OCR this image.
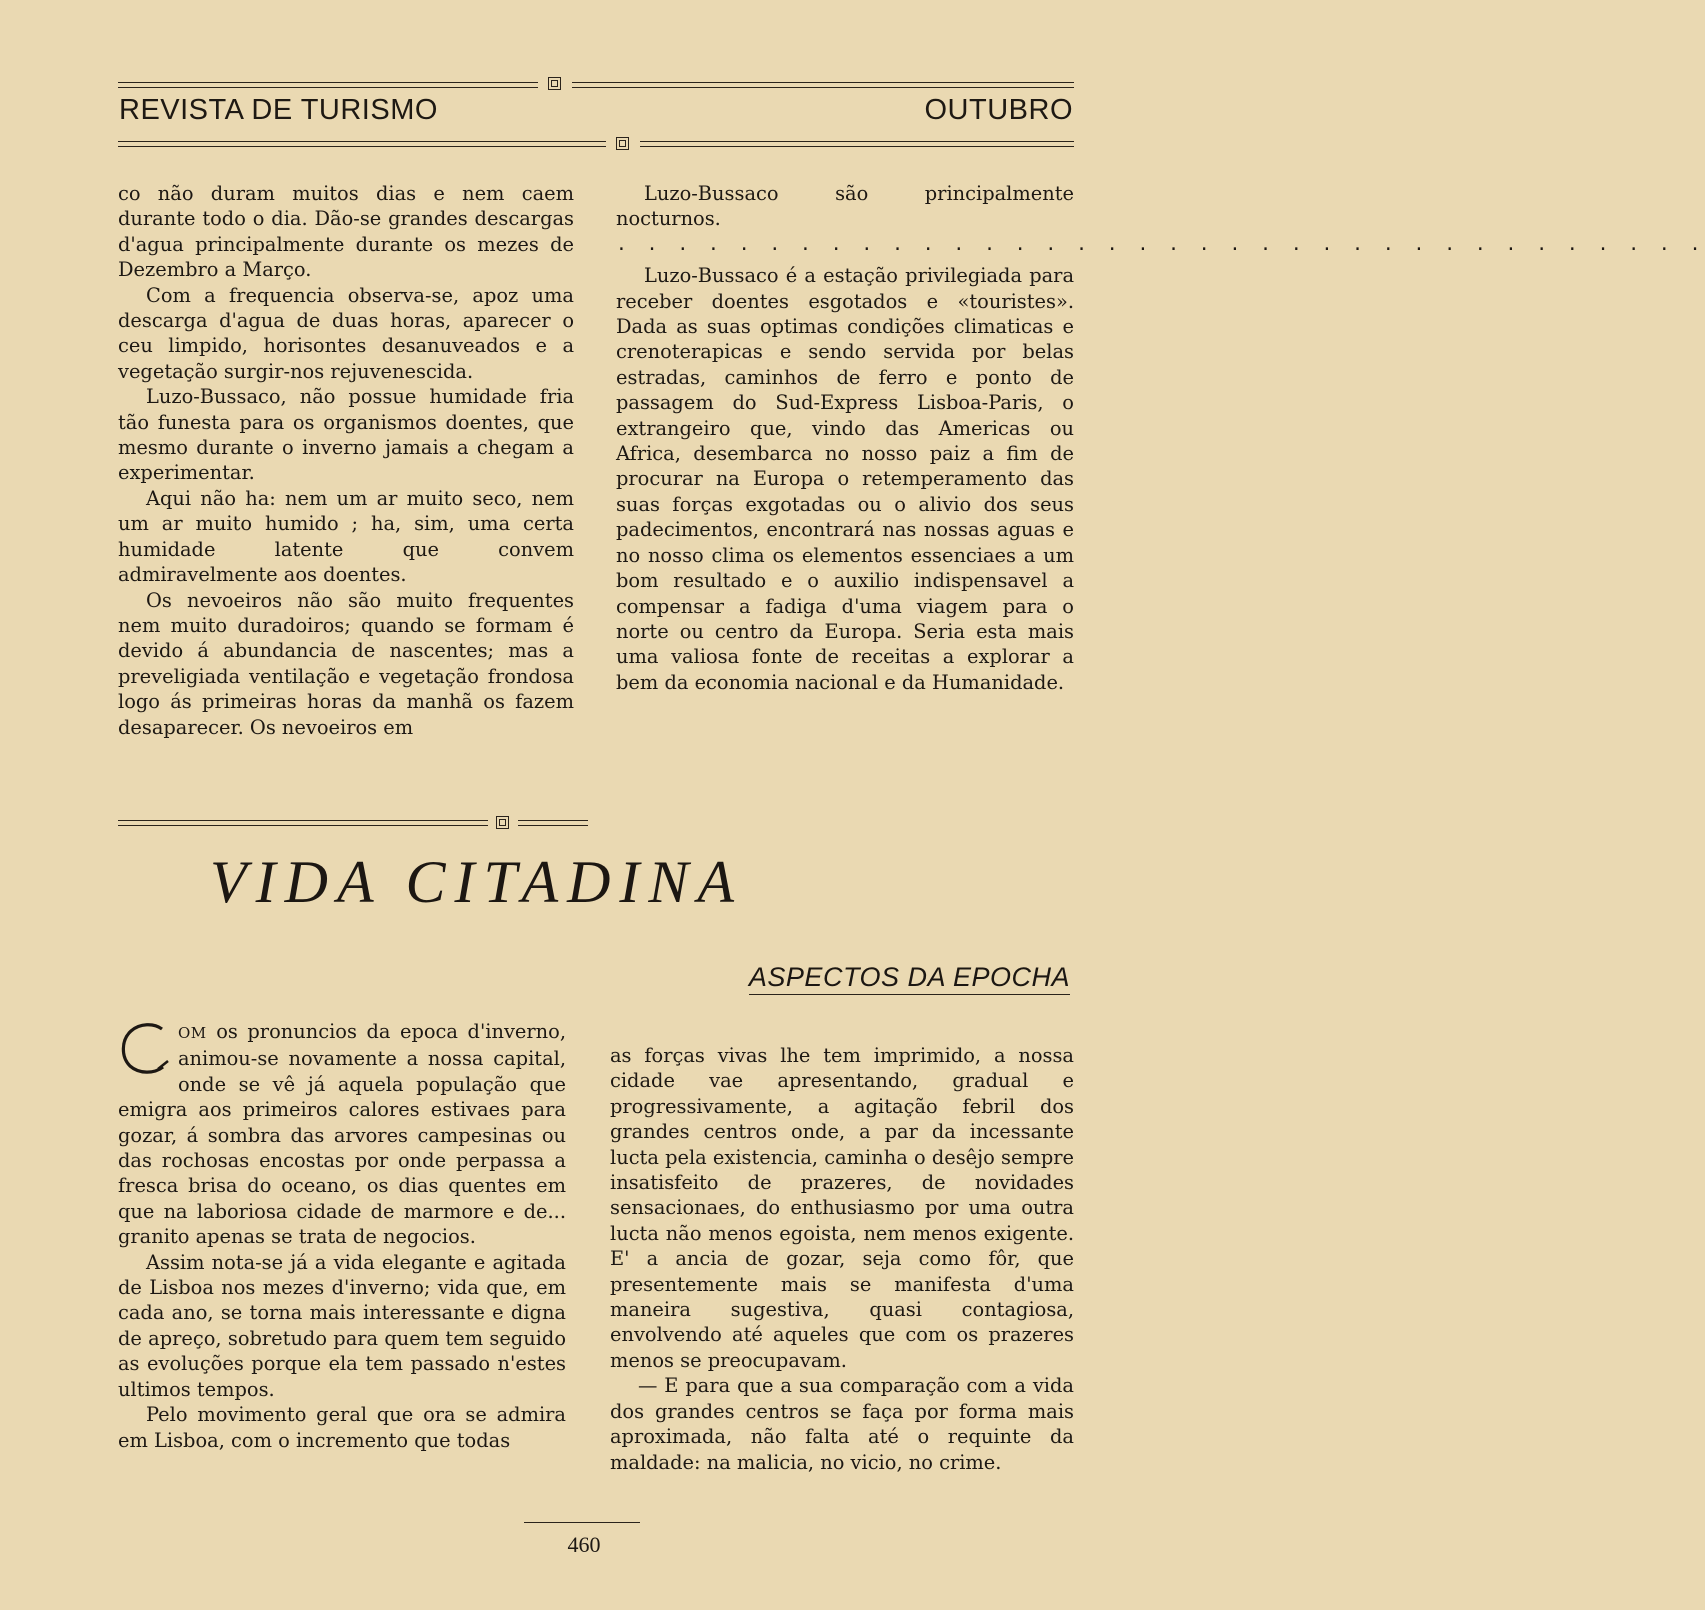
REVISTA DE TURISMO	OUTUBRO

co não duram muitos dias e nem caem durante todo o dia. Dão-se grandes descargas d'agua principalmente durante os mezes de Dezembro a Março.

Com a frequencia observa-se, apoz uma descarga d'agua de duas horas, aparecer o ceu limpido, horisontes desanuveados e a vegetação surgir-nos rejuvenescida.

Luzo-Bussaco, não possue humidade fria tão funesta para os organismos doentes, que mesmo durante o inverno jamais a chegam a experimentar.

Aqui não ha: nem um ar muito seco, nem um ar muito humido ; ha, sim, uma certa humidade latente que convem admiravelmente aos doentes.

Os nevoeiros não são muito frequentes nem muito duradoiros; quando se formam é devido á abundancia de nascentes; mas a preveligiada ventilação e vegetação frondosa logo ás primeiras horas da manhã os fazem desaparecer. Os nevoeiros em

Luzo-Bussaco são principalmente nocturnos.

. . . . . . . . . . . . . . . . . . . . . . . . . . . . . . . . . . . .

Luzo-Bussaco é a estação privilegiada para receber doentes esgotados e «touristes». Dada as suas optimas condições climaticas e crenoterapicas e sendo servida por belas estradas, caminhos de ferro e ponto de passagem do Sud-Express Lisboa-Paris, o extrangeiro que, vindo das Americas ou Africa, desembarca no nosso paiz a fim de procurar na Europa o retemperamento das suas forças exgotadas ou o alivio dos seus padecimentos, encontrará nas nossas aguas e no nosso clima os elementos essenciaes a um bom resultado e o auxilio indispensavel a compensar a fadiga d'uma viagem para o norte ou centro da Europa. Seria esta mais uma valiosa fonte de receitas a explorar a bem da economia nacional e da Humanidade.

VIDA CITADINA
ASPECTOS DA EPOCHA

OM os pronuncios da epoca d'inverno, animou-se novamente a nossa capital, onde se vê já aquela população que emigra aos primeiros calores estivaes para gozar, á sombra das arvores campesinas ou das rochosas encostas por onde perpassa a fresca brisa do oceano, os dias quentes em que na laboriosa cidade de marmore e de... granito apenas se trata de negocios.

Assim nota-se já a vida elegante e agitada de Lisboa nos mezes d'inverno; vida que, em cada ano, se torna mais interessante e digna de apreço, sobretudo para quem tem seguido as evoluções porque ela tem passado n'estes ultimos tempos.

Pelo movimento geral que ora se admira em Lisboa, com o incremento que todas

as forças vivas lhe tem imprimido, a nossa cidade vae apresentando, gradual e progressivamente, a agitação febril dos grandes centros onde, a par da incessante lucta pela existencia, caminha o desêjo sempre insatisfeito de prazeres, de novidades sensacionaes, do enthusiasmo por uma outra lucta não menos egoista, nem menos exigente. E' a ancia de gozar, seja como fôr, que presentemente mais se manifesta d'uma maneira sugestiva, quasi contagiosa, envolvendo até aqueles que com os prazeres menos se preocupavam.

— E para que a sua comparação com a vida dos grandes centros se faça por forma mais aproximada, não falta até o requinte da maldade: na malicia, no vicio, no crime.

460
